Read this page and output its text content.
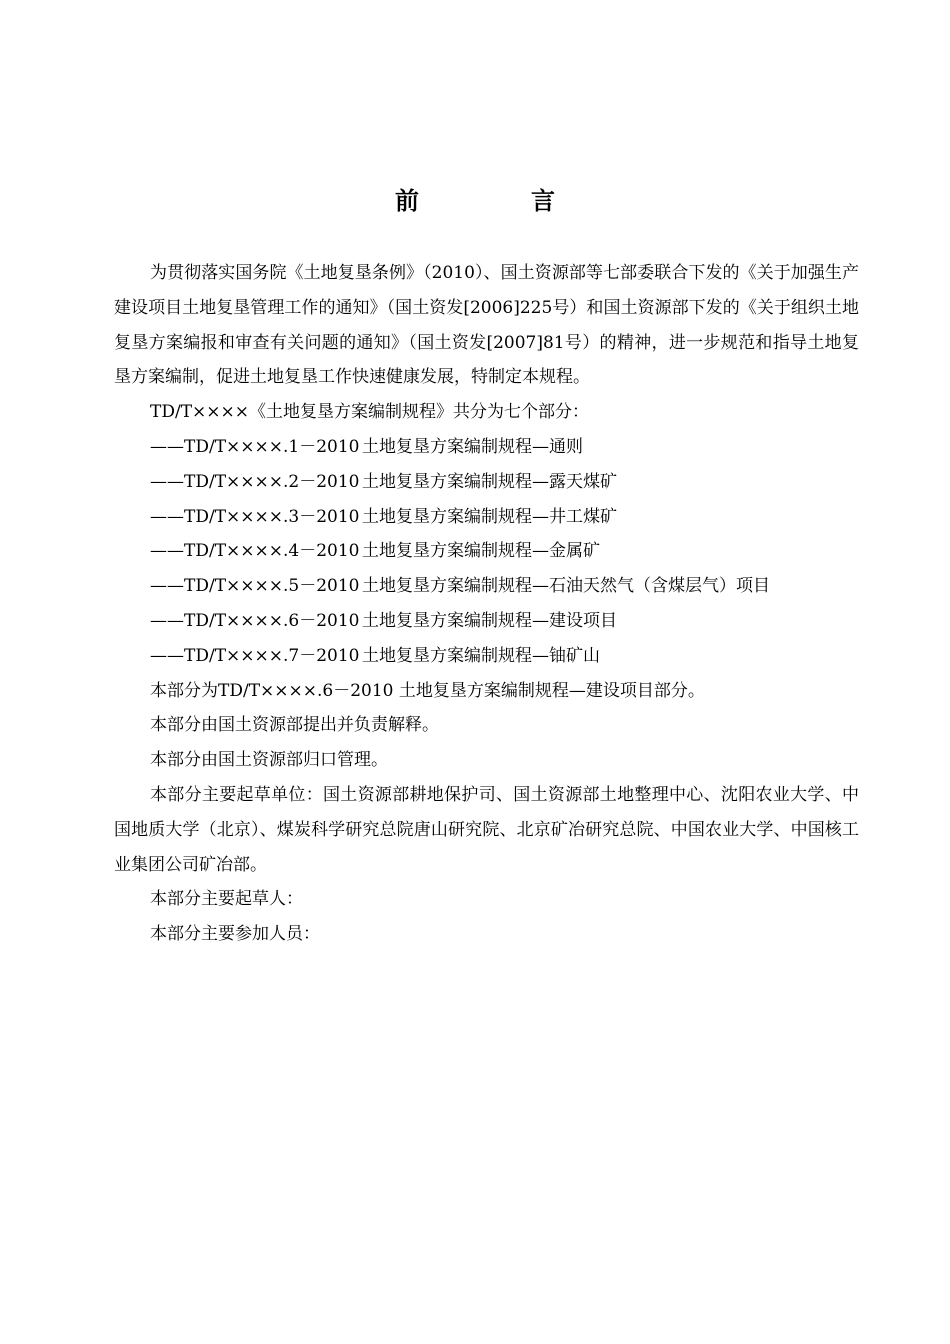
前　言

为贯彻落实国务院《土地复垦条例》（2010）、国土资源部等七部委联合下发的《关于加强生产建设项目土地复垦管理工作的通知》（国土资发[2006]225号）和国土资源部下发的《关于组织土地复垦方案编报和审查有关问题的通知》（国土资发[2007]81号）的精神，进一步规范和指导土地复垦方案编制，促进土地复垦工作快速健康发展，特制定本规程。

TD/T××××《土地复垦方案编制规程》共分为七个部分：

——TD/T××××.1－2010 土地复垦方案编制规程—通则

——TD/T××××.2－2010 土地复垦方案编制规程—露天煤矿

——TD/T××××.3－2010 土地复垦方案编制规程—井工煤矿

——TD/T××××.4－2010 土地复垦方案编制规程—金属矿

——TD/T××××.5－2010 土地复垦方案编制规程—石油天然气（含煤层气）项目

——TD/T××××.6－2010 土地复垦方案编制规程—建设项目

——TD/T××××.7－2010 土地复垦方案编制规程—铀矿山

本部分为TD/T××××.6－2010 土地复垦方案编制规程—建设项目部分。

本部分由国土资源部提出并负责解释。

本部分由国土资源部归口管理。

本部分主要起草单位：国土资源部耕地保护司、国土资源部土地整理中心、沈阳农业大学、中国地质大学（北京）、煤炭科学研究总院唐山研究院、北京矿冶研究总院、中国农业大学、中国核工业集团公司矿冶部。

本部分主要起草人：

本部分主要参加人员：
